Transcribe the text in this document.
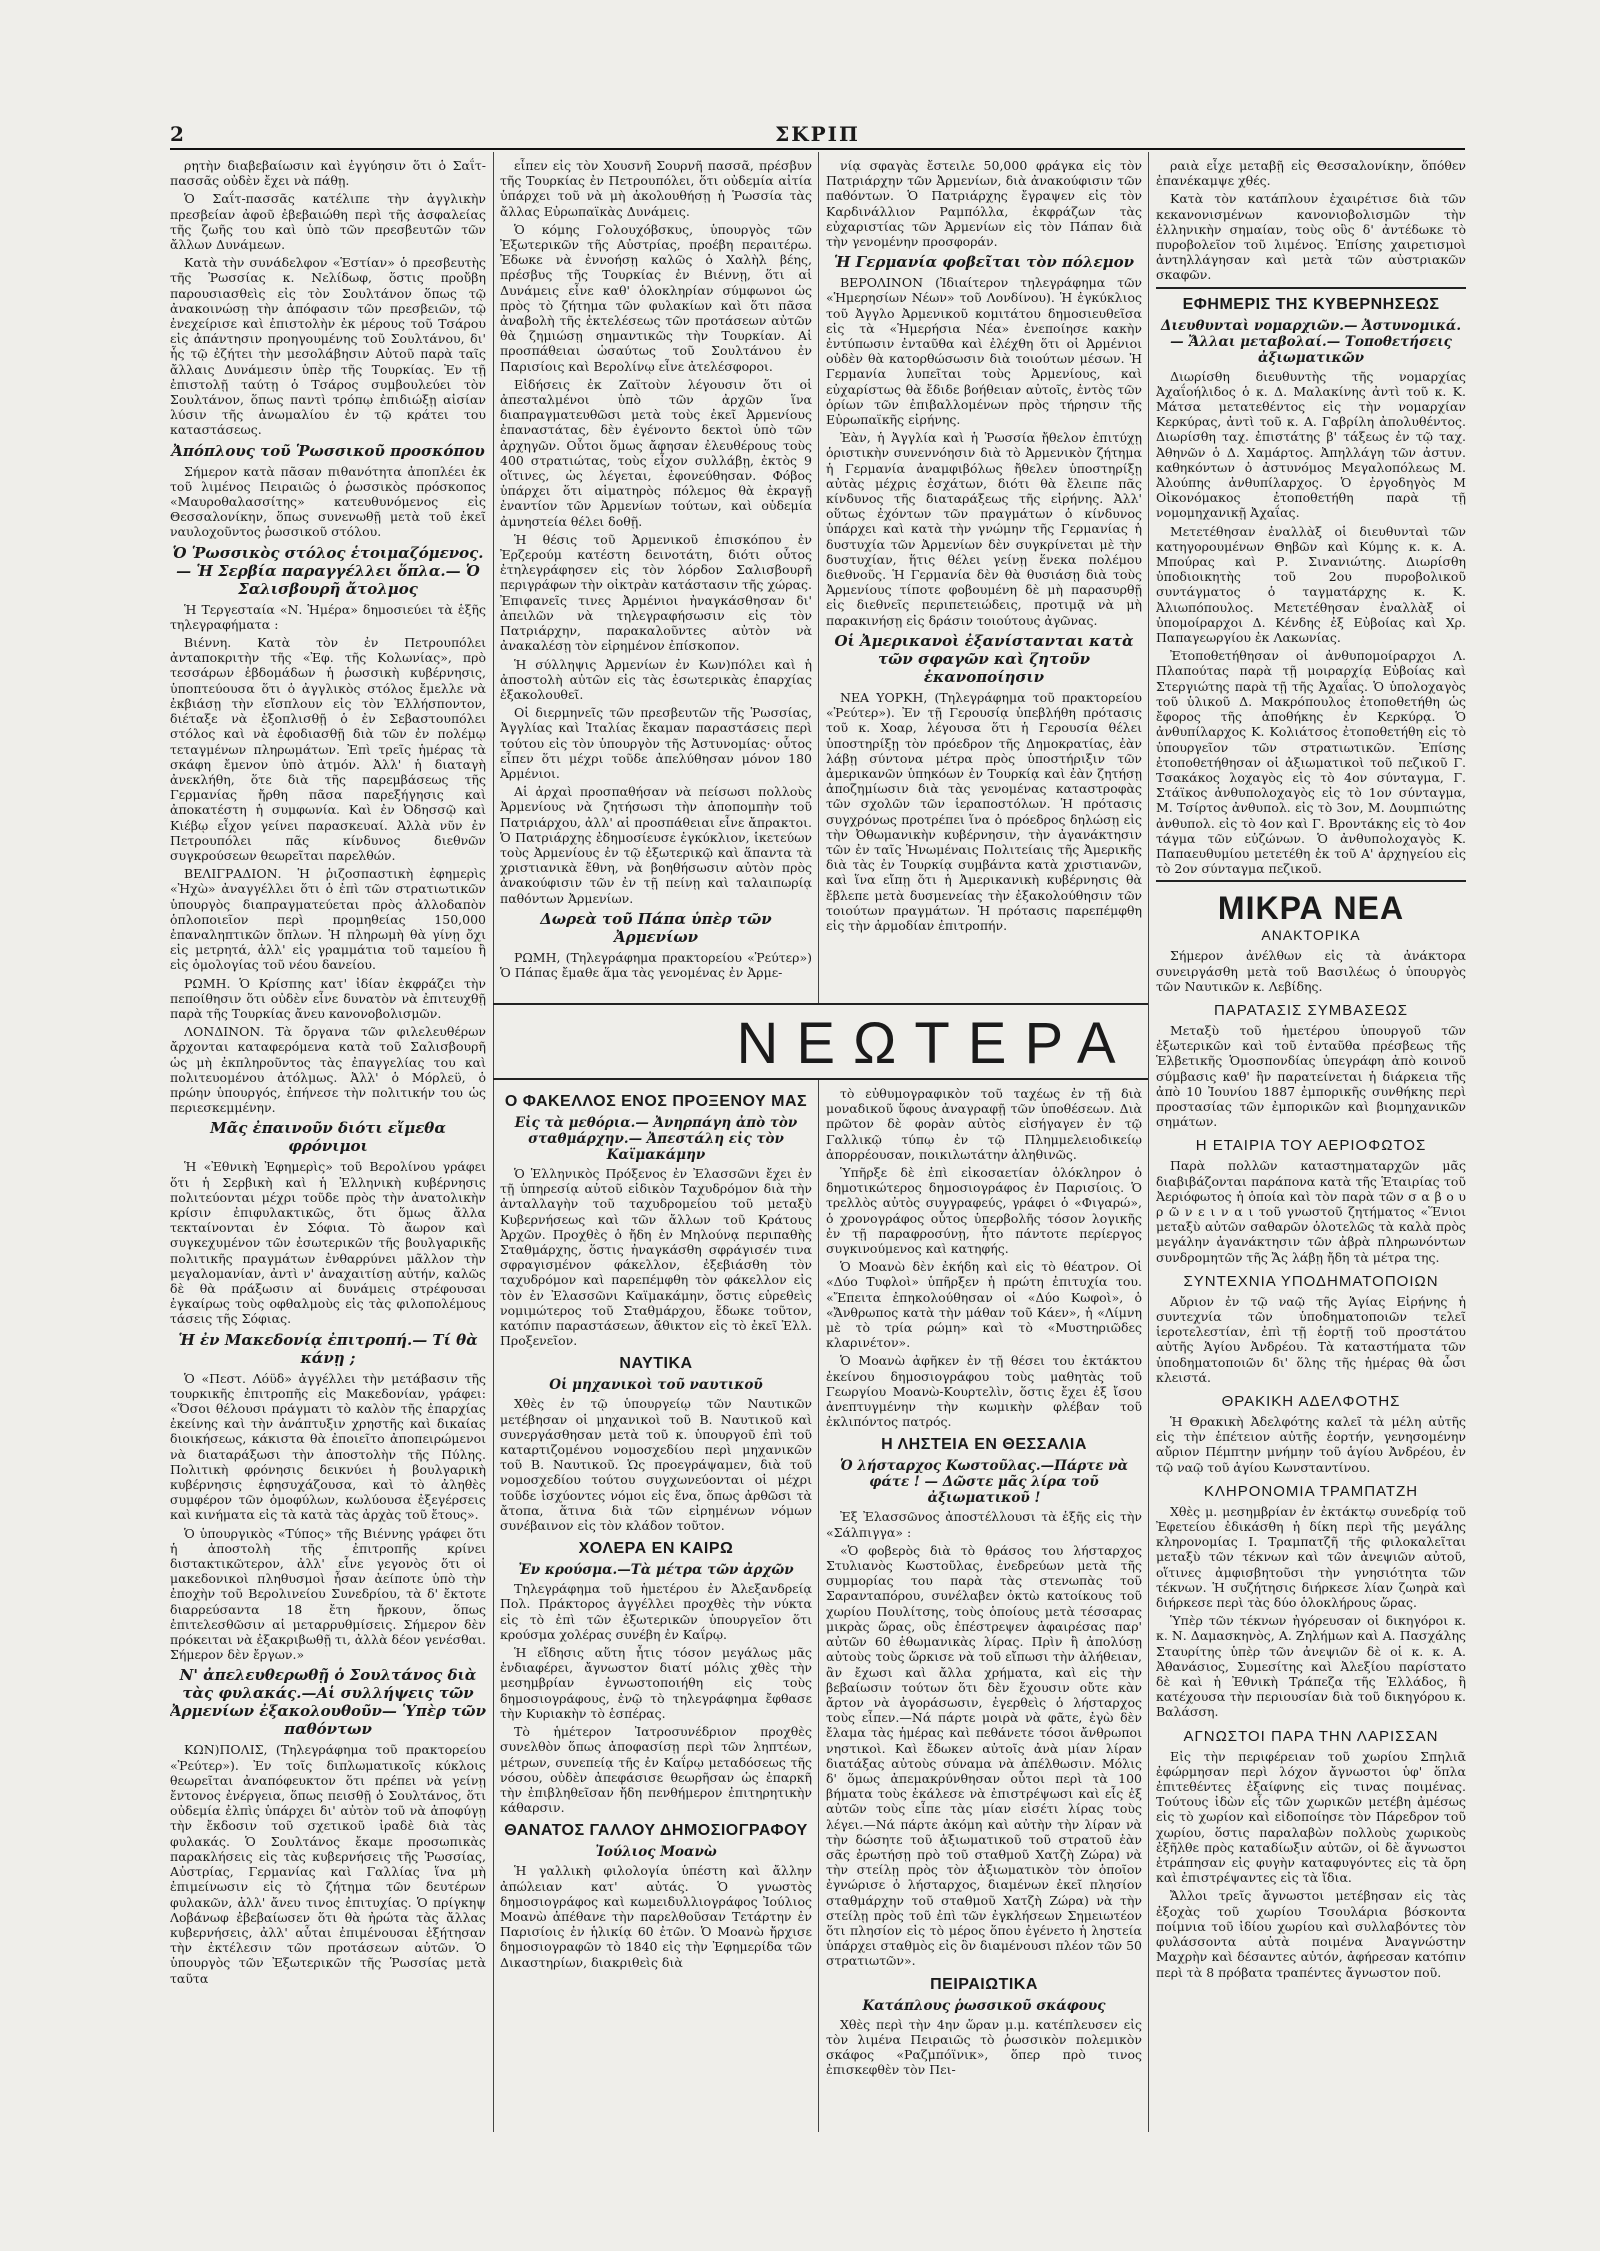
2	ΣΚΡΙΠ

ρητὴν διαβεβαίωσιν καὶ ἐγγύησιν ὅτι ὁ Σαΐτ-πασσᾶς οὐδὲν ἔχει νὰ πάθῃ.

Ὁ Σαΐτ-πασσᾶς κατέλιπε τὴν ἀγγλικὴν πρεσβείαν ἀφοῦ ἐβεβαιώθη περὶ τῆς ἀσφαλείας τῆς ζωῆς του καὶ ὑπὸ τῶν πρεσβευτῶν τῶν ἄλλων Δυνάμεων.

Κατὰ τὴν συνάδελφον «Ἑστίαν» ὁ πρεσβευτὴς τῆς Ῥωσσίας κ. Νελίδωφ, ὅστις προὔβη παρουσιασθεὶς εἰς τὸν Σουλτάνον ὅπως τῷ ἀνακοινώσῃ τὴν ἀπόφασιν τῶν πρεσβειῶν, τῷ ἐνεχείρισε καὶ ἐπιστολὴν ἐκ μέρους τοῦ Τσάρου εἰς ἀπάντησιν προηγουμένης τοῦ Σουλτάνου, δι' ἧς τῷ ἐζήτει τὴν μεσολάβησιν Αὐτοῦ παρὰ ταῖς ἄλλαις Δυνάμεσιν ὑπὲρ τῆς Τουρκίας. Ἐν τῇ ἐπιστολῇ ταύτῃ ὁ Τσάρος συμβουλεύει τὸν Σουλτάνον, ὅπως παντὶ τρόπῳ ἐπιδιώξῃ αἰσίαν λύσιν τῆς ἀνωμαλίου ἐν τῷ κράτει του καταστάσεως.

Ἀπόπλους τοῦ Ῥωσσικοῦ προσκόπου

Σήμερον κατὰ πᾶσαν πιθανότητα ἀποπλέει ἐκ τοῦ λιμένος Πειραιῶς ὁ ῥωσσικὸς πρόσκοπος «Μαυροθαλασσίτης» κατευθυνόμενος εἰς Θεσσαλονίκην, ὅπως συνενωθῇ μετὰ τοῦ ἐκεῖ ναυλοχοῦντος ῥωσσικοῦ στόλου.

Ὁ Ῥωσσικὸς στόλος ἑτοιμαζόμενος.— Ἡ Σερβία παραγγέλλει ὅπλα.— Ὁ Σαλισβουρῆ ἄτολμος

Ἡ Τεργεσταία «Ν. Ἡμέρα» δημοσιεύει τὰ ἑξῆς τηλεγραφήματα :

Βιέννη. Κατὰ τὸν ἐν Πετρουπόλει ἀνταποκριτὴν τῆς «Ἐφ. τῆς Κολωνίας», πρὸ τεσσάρων ἑβδομάδων ἡ ῥωσσικὴ κυβέρνησις, ὑποπτεύουσα ὅτι ὁ ἀγγλικὸς στόλος ἔμελλε νὰ ἐκβιάσῃ τὴν εἴσπλουν εἰς τὸν Ἑλλήσποντον, διέταξε νὰ ἐξοπλισθῇ ὁ ἐν Σεβαστουπόλει στόλος καὶ νὰ ἐφοδιασθῇ διὰ τῶν ἐν πολέμῳ τεταγμένων πληρωμάτων. Ἐπὶ τρεῖς ἡμέρας τὰ σκάφη ἔμενον ὑπὸ ἀτμόν. Ἀλλ' ἡ διαταγὴ ἀνεκλήθη, ὅτε διὰ τῆς παρεμβάσεως τῆς Γερμανίας ἤρθη πᾶσα παρεξήγησις καὶ ἀποκατέστη ἡ συμφωνία. Καὶ ἐν Ὀδησσῷ καὶ Κιέβῳ εἶχον γείνει παρασκευαί. Ἀλλὰ νῦν ἐν Πετρουπόλει πᾶς κίνδυνος διεθνῶν συγκρούσεων θεωρεῖται παρελθών.

ΒΕΛΙΓΡΑΔΙΟΝ. Ἡ ῥιζοσπαστικὴ ἐφημερὶς «Ἠχὼ» ἀναγγέλλει ὅτι ὁ ἐπὶ τῶν στρατιωτικῶν ὑπουργὸς διαπραγματεύεται πρὸς ἀλλοδαπὸν ὁπλοποιεῖον περὶ προμηθείας 150,000 ἐπαναληπτικῶν ὅπλων. Ἡ πληρωμὴ θὰ γίνῃ ὄχι εἰς μετρητά, ἀλλ' εἰς γραμμάτια τοῦ ταμείου ἢ εἰς ὁμολογίας τοῦ νέου δανείου.

ΡΩΜΗ. Ὁ Κρίσπης κατ' ἰδίαν ἐκφράζει τὴν πεποίθησιν ὅτι οὐδὲν εἶνε δυνατὸν νὰ ἐπιτευχθῇ παρὰ τῆς Τουρκίας ἄνευ κανονοβολισμῶν.

ΛΟΝΔΙΝΟΝ. Τὰ ὄργανα τῶν φιλελευθέρων ἄρχονται καταφερόμενα κατὰ τοῦ Σαλισβουρῆ ὡς μὴ ἐκπληροῦντος τὰς ἐπαγγελίας του καὶ πολιτευομένου ἀτόλμως. Ἀλλ' ὁ Μόρλεϋ, ὁ πρώην ὑπουργός, ἐπήνεσε τὴν πολιτικήν του ὡς περιεσκεμμένην.

Μᾶς ἐπαινοῦν διότι εἴμεθα φρόνιμοι

Ἡ «Ἐθνικὴ Ἐφημερὶς» τοῦ Βερολίνου γράφει ὅτι ἡ Σερβικὴ καὶ ἡ Ἑλληνικὴ κυβέρνησις πολιτεύονται μέχρι τοῦδε πρὸς τὴν ἀνατολικὴν κρίσιν ἐπιφυλακτικῶς, ὅτι ὅμως ἄλλα τεκταίνονται ἐν Σόφια. Τὸ ἄωρον καὶ συγκεχυμένον τῶν ἐσωτερικῶν τῆς βουλγαρικῆς πολιτικῆς πραγμάτων ἐνθαρρύνει μᾶλλον τὴν μεγαλομανίαν, ἀντὶ ν' ἀναχαιτίσῃ αὐτήν, καλῶς δὲ θὰ πράξωσιν αἱ δυνάμεις στρέφουσαι ἐγκαίρως τοὺς οφθαλμοὺς εἰς τὰς φιλοπολέμους τάσεις τῆς Σόφιας.

Ἡ ἐν Μακεδονίᾳ ἐπιτροπή.— Τί θὰ κάνῃ ;

Ὁ «Πεστ. Λόϋδ» ἀγγέλλει τὴν μετάβασιν τῆς τουρκικῆς ἐπιτροπῆς εἰς Μακεδονίαν, γράφει: «Ὅσοι θέλουσι πράγματι τὸ καλὸν τῆς ἐπαρχίας ἐκείνης καὶ τὴν ἀνάπτυξιν χρηστῆς καὶ δικαίας διοικήσεως, κάκιστα θὰ ἐποιεῖτο ἀποπειρώμενοι νὰ διαταράξωσι τὴν ἀποστολὴν τῆς Πύλης. Πολιτικὴ φρόνησις δεικνύει ἡ βουλγαρικὴ κυβέρνησις ἐφησυχάζουσα, καὶ τὸ ἀληθὲς συμφέρον τῶν ὁμοφύλων, κωλύουσα ἐξεγέρσεις καὶ κινήματα εἰς τὰ κατὰ τὰς ἀρχὰς τοῦ ἔτους».

Ὁ ὑπουργικὸς «Τύπος» τῆς Βιέννης γράφει ὅτι ἡ ἀποστολὴ τῆς ἐπιτροπῆς κρίνει διστακτικῶτερον, ἀλλ' εἶνε γεγονὸς ὅτι οἱ μακεδονικοὶ πληθυσμοὶ ἦσαν ἀείποτε ὑπὸ τὴν ἐποχὴν τοῦ Βερολινείου Συνεδρίου, τὰ δ' ἔκτοτε διαρρεύσαντα 18 ἔτη ἤρκουν, ὅπως ἐπιτελεσθῶσιν αἱ μεταρρυθμίσεις. Σήμερον δὲν πρόκειται νὰ ἐξακριβωθῇ τι, ἀλλὰ δέον γενέσθαι. Σήμερον δὲν ἔργων.»

Ν' ἀπελευθερωθῇ ὁ Σουλτάνος διὰ τὰς φυλακάς.—Αἱ συλλήψεις τῶν Ἀρμενίων ἐξακολουθοῦν— Ὑπὲρ τῶν παθόντων

ΚΩΝ)ΠΟΛΙΣ, (Τηλεγράφημα τοῦ πρακτορείου «Ῥεύτερ»). Ἐν τοῖς διπλωματικοῖς κύκλοις θεωρεῖται ἀναπόφευκτον ὅτι πρέπει νὰ γείνῃ ἔντονος ἐνέργεια, ὅπως πεισθῇ ὁ Σουλτάνος, ὅτι οὐδεμία ἐλπὶς ὑπάρχει δι' αὐτὸν τοῦ νὰ ἀποφύγῃ τὴν ἔκδοσιν τοῦ σχετικοῦ ἰραδὲ διὰ τὰς φυλακάς. Ὁ Σουλτάνος ἔκαμε προσωπικὰς παρακλήσεις εἰς τὰς κυβερνήσεις τῆς Ῥωσσίας, Αὐστρίας, Γερμανίας καὶ Γαλλίας ἵνα μὴ ἐπιμείνωσιν εἰς τὸ ζήτημα τῶν δευτέρων φυλακῶν, ἀλλ' ἄνευ τινος ἐπιτυχίας. Ὁ πρίγκηψ Λοβάνωφ ἐβεβαίωσεν ὅτι θὰ ἠρώτα τὰς ἄλλας κυβερνήσεις, ἀλλ' αὗται ἐπιμένουσαι ἐξήτησαν τὴν ἐκτέλεσιν τῶν προτάσεων αὐτῶν. Ὁ ὑπουργὸς τῶν Ἐξωτερικῶν τῆς Ῥωσσίας μετὰ ταῦτα

εἶπεν εἰς τὸν Χουσνῆ Σουρνῆ πασσᾶ, πρέσβυν τῆς Τουρκίας ἐν Πετρουπόλει, ὅτι οὐδεμία αἰτία ὑπάρχει τοῦ νὰ μὴ ἀκολουθήσῃ ἡ Ῥωσσία τὰς ἄλλας Εὐρωπαϊκὰς Δυνάμεις.

Ὁ κόμης Γολουχόβσκυς, ὑπουργὸς τῶν Ἐξωτερικῶν τῆς Αὐστρίας, προέβη περαιτέρω. Ἐδωκε νὰ ἐννοήσῃ καλῶς ὁ Χαλὴλ βέης, πρέσβυς τῆς Τουρκίας ἐν Βιέννῃ, ὅτι αἱ Δυνάμεις εἶνε καθ' ὁλοκληρίαν σύμφωνοι ὡς πρὸς τὸ ζήτημα τῶν φυλακίων καὶ ὅτι πᾶσα ἀναβολὴ τῆς ἐκτελέσεως τῶν προτάσεων αὐτῶν θὰ ζημιώσῃ σημαντικῶς τὴν Τουρκίαν. Αἱ προσπάθειαι ὡσαύτως τοῦ Σουλτάνου ἐν Παρισίοις καὶ Βερολίνῳ εἶνε ἀτελέσφοροι.

Εἰδήσεις ἐκ Ζαϊτοὺν λέγουσιν ὅτι οἱ ἀπεσταλμένοι ὑπὸ τῶν ἀρχῶν ἵνα διαπραγματευθῶσι μετὰ τοὺς ἐκεῖ Ἀρμενίους ἐπαναστάτας, δὲν ἐγένοντο δεκτοὶ ὑπὸ τῶν ἀρχηγῶν. Οὗτοι ὅμως ἄφησαν ἐλευθέρους τοὺς 400 στρατιώτας, τοὺς εἶχον συλλάβῃ, ἐκτὸς 9 οἵτινες, ὡς λέγεται, ἐφονεύθησαν. Φόβος ὑπάρχει ὅτι αἱματηρὸς πόλεμος θὰ ἐκραγῇ ἐναντίον τῶν Ἀρμενίων τούτων, καὶ οὐδεμία ἀμνηστεία θέλει δοθῇ.

Ἡ θέσις τοῦ Ἀρμενικοῦ ἐπισκόπου ἐν Ἐρζερούμ κατέστη δεινοτάτη, διότι οὗτος ἐτηλεγράφησεν εἰς τὸν λόρδον Σαλισβουρῆ περιγράφων τὴν οἰκτρὰν κατάστασιν τῆς χώρας. Ἐπιφανεῖς τινες Ἀρμένιοι ἠναγκάσθησαν δι' ἀπειλῶν νὰ τηλεγραφήσωσιν εἰς τὸν Πατριάρχην, παρακαλοῦντες αὐτὸν νὰ ἀνακαλέσῃ τὸν εἰρημένον ἐπίσκοπον.

Ἡ σύλληψις Ἀρμενίων ἐν Κων)πόλει καὶ ἡ ἀποστολὴ αὐτῶν εἰς τὰς ἐσωτερικὰς ἐπαρχίας ἐξακολουθεῖ.

Οἱ διερμηνεῖς τῶν πρεσβευτῶν τῆς Ῥωσσίας, Ἀγγλίας καὶ Ἰταλίας ἔκαμαν παραστάσεις περὶ τούτου εἰς τὸν ὑπουργὸν τῆς Ἀστυνομίας· οὗτος εἶπεν ὅτι μέχρι τοῦδε ἀπελύθησαν μόνον 180 Ἀρμένιοι.

Αἱ ἀρχαὶ προσπαθήσαν νὰ πείσωσι πολλοὺς Ἀρμενίους νὰ ζητήσωσι τὴν ἀποπομπὴν τοῦ Πατριάρχου, ἀλλ' αἱ προσπάθειαι εἶνε ἄπρακτοι. Ὁ Πατριάρχης ἐδημοσίευσε ἐγκύκλιον, ἱκετεύων τοὺς Ἀρμενίους ἐν τῷ ἐξωτερικῷ καὶ ἅπαντα τὰ χριστιανικὰ ἔθνη, νὰ βοηθήσωσιν αὐτὸν πρὸς ἀνακούφισιν τῶν ἐν τῇ πείνῃ καὶ ταλαιπωρίᾳ παθόντων Ἀρμενίων.

Δωρεὰ τοῦ Πάπα ὑπὲρ τῶν Ἀρμενίων

ΡΩΜΗ, (Τηλεγράφημα πρακτορείου «Ῥεύτερ») Ὁ Πάπας ἔμαθε ἅμα τὰς γενομένας ἐν Ἀρμε-

νίᾳ σφαγὰς ἔστειλε 50,000 φράγκα εἰς τὸν Πατριάρχην τῶν Ἀρμενίων, διὰ ἀνακούφισιν τῶν παθόντων. Ὁ Πατριάρχης ἔγραψεν εἰς τὸν Καρδινάλλιον Ραμπόλλα, ἐκφράζων τὰς εὐχαριστίας τῶν Ἀρμενίων εἰς τὸν Πάπαν διὰ τὴν γενομένην προσφοράν.

Ἡ Γερμανία φοβεῖται τὸν πόλεμον

ΒΕΡΟΛΙΝΟΝ (Ἰδιαίτερον τηλεγράφημα τῶν «Ἡμερησίων Νέων» τοῦ Λονδίνου). Ἡ ἐγκύκλιος τοῦ Ἀγγλο Ἀρμενικοῦ κομιτάτου δημοσιευθεῖσα εἰς τὰ «Ἡμερήσια Νέα» ἐνεποίησε κακὴν ἐντύπωσιν ἐνταῦθα καὶ ἐλέχθη ὅτι οἱ Ἀρμένιοι οὐδὲν θὰ κατορθώσωσιν διὰ τοιούτων μέσων. Ἡ Γερμανία λυπεῖται τοὺς Ἀρμενίους, καὶ εὐχαρίστως θὰ ἔδιδε βοήθειαν αὐτοῖς, ἐντὸς τῶν ὁρίων τῶν ἐπιβαλλομένων πρὸς τήρησιν τῆς Εὐρωπαϊκῆς εἰρήνης.

Ἐὰν, ἡ Ἀγγλία καὶ ἡ Ῥωσσία ἤθελον ἐπιτύχῃ ὁριστικὴν συνεννόησιν διὰ τὸ Ἀρμενικὸν ζήτημα ἡ Γερμανία ἀναμφιβόλως ἤθελεν ὑποστηρίξῃ αὐτὰς μέχρις ἐσχάτων, διότι θὰ ἔλειπε πᾶς κίνδυνος τῆς διαταράξεως τῆς εἰρήνης. Ἀλλ' οὕτως ἐχόντων τῶν πραγμάτων ὁ κίνδυνος ὑπάρχει καὶ κατὰ τὴν γνώμην τῆς Γερμανίας ἡ δυστυχία τῶν Ἀρμενίων δὲν συγκρίνεται μὲ τὴν δυστυχίαν, ἥτις θέλει γείνῃ ἕνεκα πολέμου διεθνοῦς. Ἡ Γερμανία δὲν θὰ θυσιάσῃ διὰ τοὺς Ἀρμενίους τίποτε φοβουμένη δὲ μὴ παρασυρθῇ εἰς διεθνεῖς περιπετειώδεις, προτιμᾷ νὰ μὴ παρακινήσῃ εἰς δράσιν τοιούτους ἀγῶνας.

Οἱ Ἀμερικανοὶ ἐξανίστανται κατὰ τῶν σφαγῶν καὶ ζητοῦν ἐκανοποίησιν

ΝΕΑ ΥΟΡΚΗ, (Τηλεγράφημα τοῦ πρακτορείου «Ῥεύτερ»). Ἐν τῇ Γερουσίᾳ ὑπεβλήθη πρότασις τοῦ κ. Χοαρ, λέγουσα ὅτι ἡ Γερουσία θέλει ὑποστηρίξῃ τὸν πρόεδρον τῆς Δημοκρατίας, ἐὰν λάβῃ σύντονα μέτρα πρὸς ὑποστήριξιν τῶν ἀμερικανῶν ὑπηκόων ἐν Τουρκίᾳ καὶ ἐὰν ζητήσῃ ἀποζημίωσιν διὰ τὰς γενομένας καταστροφὰς τῶν σχολῶν τῶν ἱεραποστόλων. Ἡ πρότασις συγχρόνως προτρέπει ἵνα ὁ πρόεδρος δηλώσῃ εἰς τὴν Ὀθωμανικὴν κυβέρνησιν, τὴν ἀγανάκτησιν τῶν ἐν ταῖς Ἡνωμέναις Πολιτείαις τῆς Ἀμερικῆς διὰ τὰς ἐν Τουρκίᾳ συμβάντα κατὰ χριστιανῶν, καὶ ἵνα εἴπῃ ὅτι ἡ Ἀμερικανικὴ κυβέρνησις θὰ ἔβλεπε μετὰ δυσμενείας τὴν ἐξακολούθησιν τῶν τοιούτων πραγμάτων. Ἡ πρότασις παρεπέμφθη εἰς τὴν ἁρμοδίαν ἐπιτροπήν.

ραιὰ εἶχε μεταβῇ εἰς Θεσσαλονίκην, ὅπόθεν ἐπανέκαμψε χθές.

Κατὰ τὸν κατάπλουν ἐχαιρέτισε διὰ τῶν κεκανονισμένων κανονιοβολισμῶν τὴν ἑλληνικὴν σημαίαν, τοὺς οὓς δ' ἀντέδωκε τὸ πυροβολεῖον τοῦ λιμένος. Ἐπίσης χαιρετισμοὶ ἀντηλλάγησαν καὶ μετὰ τῶν αὐστριακῶν σκαφῶν.

ΕΦΗΜΕΡΙΣ ΤΗΣ ΚΥΒΕΡΝΗΣΕΩΣ
Διευθυνταὶ νομαρχιῶν.— Ἀστυνομικά.— Ἄλλαι μεταβολαί.— Τοποθετήσεις ἀξιωματικῶν

Διωρίσθη διευθυντὴς τῆς νομαρχίας Ἀχαΐοήλιδος ὁ κ. Δ. Μαλακίνης ἀντὶ τοῦ κ. Κ. Μάτσα μετατεθέντος εἰς τὴν νομαρχίαν Κερκύρας, ἀντὶ τοῦ κ. Α. Γαβρίλη ἀπολυθέντος. Διωρίσθη ταχ. ἐπιστάτης β' τάξεως ἐν τῷ ταχ. Ἀθηνῶν ὁ Δ. Χαμάρτος. Ἀπηλλάγη τῶν ἀστυν. καθηκόντων ὁ ἀστυνόμος Μεγαλοπόλεως Μ. Ἀλούπης ἀνθυπίλαρχος. Ὁ ἐργοδηγὸς Μ Οἰκονόμακος ἐτοποθετήθη παρὰ τῇ νομομηχανικῇ Ἀχαΐας.

Μετετέθησαν ἐναλλὰξ οἱ διευθυνταὶ τῶν κατηγορουμένων Θηβῶν καὶ Κύμης κ. κ. Α. Μπούρας καὶ Ρ. Σινανιώτης. Διωρίσθη ὑποδιοικητὴς τοῦ 2ου πυροβολικοῦ συντάγματος ὁ ταγματάρχης κ. Κ. Ἀλιωπόπουλος. Μετετέθησαν ἐναλλὰξ οἱ ὑπομοίραρχοι Δ. Κένδης ἐξ Εὐβοίας καὶ Χρ. Παπαγεωργίου ἐκ Λακωνίας.

Ἐτοποθετήθησαν οἱ ἀνθυπομοίραρχοι Λ. Πλαπούτας παρὰ τῇ μοιραρχίᾳ Εὐβοίας καὶ Στεργιώτης παρὰ τῇ τῆς Ἀχαΐας. Ὁ ὑπολοχαγὸς τοῦ ὑλικοῦ Δ. Μακρόπουλος ἐτοποθετήθη ὡς ἔφορος τῆς ἀποθήκης ἐν Κερκύρᾳ. Ὁ ἀνθυπίλαρχος Κ. Κολιάτσος ἐτοποθετήθη εἰς τὸ ὑπουργεῖον τῶν στρατιωτικῶν. Ἐπίσης ἐτοποθετήθησαν οἱ ἀξιωματικοὶ τοῦ πεζικοῦ Γ. Τσακάκος λοχαγὸς εἰς τὸ 4ον σύνταγμα, Γ. Στάϊκος ἀνθυπολοχαγὸς εἰς τὸ 1ον σύνταγμα, Μ. Τσίρτος ἀνθυπολ. εἰς τὸ 3ον, Μ. Δουμπιώτης ἀνθυπολ. εἰς τὸ 4ον καὶ Γ. Βροντάκης εἰς τὸ 4ον τάγμα τῶν εὐζώνων. Ὁ ἀνθυπολοχαγὸς Κ. Παπαευθυμίου μετετέθη ἐκ τοῦ Α' ἀρχηγείου εἰς τὸ 2ον σύνταγμα πεζικοῦ.

ΜΙΚΡΑ ΝΕΑ
ΑΝΑΚΤΟΡΙΚΑ

Σήμερον ἀνέλθων εἰς τὰ ἀνάκτορα συνειργάσθη μετὰ τοῦ Βασιλέως ὁ ὑπουργὸς τῶν Ναυτικῶν κ. Λεβίδης.

ΠΑΡΑΤΑΣΙΣ ΣΥΜΒΑΣΕΩΣ

Μεταξὺ τοῦ ἡμετέρου ὑπουργοῦ τῶν ἐξωτερικῶν καὶ τοῦ ἐνταῦθα πρέσβεως τῆς Ἑλβετικῆς Ὁμοσπονδίας ὑπεγράφη ἀπὸ κοινοῦ σύμβασις καθ' ἣν παρατείνεται ἡ διάρκεια τῆς ἀπὸ 10 Ἰουνίου 1887 ἐμπορικῆς συνθήκης περὶ προστασίας τῶν ἐμπορικῶν καὶ βιομηχανικῶν σημάτων.

Η ΕΤΑΙΡΙΑ ΤΟΥ ΑΕΡΙΟΦΩΤΟΣ

Παρὰ πολλῶν καταστηματαρχῶν μᾶς διαβιβάζονται παράπονα κατὰ τῆς Ἑταιρίας τοῦ Ἀεριόφωτος ἡ ὁποία καὶ τὸν παρὰ τῶν σ α β ο υ ρ ῶ ν ε ι ν α ι τοῦ γνωστοῦ ζητήματος «Ἕνιοι μεταξὺ αὐτῶν σαθαρῶν ὁλοτελῶς τὰ καλὰ πρὸς μεγάλην ἀγανάκτησιν τῶν ἀβρὰ πληρωνόντων συνδρομητῶν τῆς Ἄς λάβῃ ἤδη τὰ μέτρα της.

ΣΥΝΤΕΧΝΙΑ ΥΠΟΔΗΜΑΤΟΠΟΙΩΝ

Αὔριον ἐν τῷ ναῷ τῆς Ἁγίας Εἰρήνης ἡ συντεχνία τῶν ὑποδηματοποιῶν τελεῖ ἱεροτελεστίαν, ἐπὶ τῇ ἑορτῇ τοῦ προστάτου αὐτῆς Ἁγίου Ἀνδρέου. Τὰ καταστήματα τῶν ὑποδηματοποιῶν δι' ὅλης τῆς ἡμέρας θὰ ὦσι κλειστά.

ΘΡΑΚΙΚΗ ΑΔΕΛΦΟΤΗΣ

Ἡ Θρακικὴ Ἀδελφότης καλεῖ τὰ μέλη αὐτῆς εἰς τὴν ἑπέτειον αὐτῆς ἑορτήν, γενησομένην αὔριον Πέμπτην μνήμην τοῦ ἁγίου Ἀνδρέου, ἐν τῷ ναῷ τοῦ ἁγίου Κωνσταντίνου.

ΚΛΗΡΟΝΟΜΙΑ ΤΡΑΜΠΑΤΖΗ

Χθὲς μ. μεσημβρίαν ἐν ἐκτάκτῳ συνεδρίᾳ τοῦ Ἐφετείου ἐδικάσθη ἡ δίκη περὶ τῆς μεγάλης κληρονομίας Ι. Τραμπατζῆ τῆς φιλοκαλεῖται μεταξὺ τῶν τέκνων καὶ τῶν ἀνεψιῶν αὐτοῦ, οἵτινες ἀμφισβητοῦσι τὴν γνησιότητα τῶν τέκνων. Ἡ συζήτησις διήρκεσε λίαν ζωηρὰ καὶ διήρκεσε περὶ τὰς δύο ὁλοκλήρους ὥρας.

Ὑπὲρ τῶν τέκνων ἠγόρευσαν οἱ δικηγόροι κ. κ. Ν. Δαμασκηνὸς, Α. Ζηλήμων καὶ Α. Πασχάλης Σταυρίτης ὑπὲρ τῶν ἀνεψιῶν δὲ οἱ κ. κ. Α. Ἀθανάσιος, Συμεσίτης καὶ Ἀλεξίου παρίστατο δὲ καὶ ἡ Ἐθνικὴ Τράπεζα τῆς Ἑλλάδος, ἣ κατέχουσα τὴν περιουσίαν διὰ τοῦ δικηγόρου κ. Βαλάσση.

ΑΓΝΩΣΤΟΙ ΠΑΡΑ ΤΗΝ ΛΑΡΙΣΣΑΝ

Εἰς τὴν περιφέρειαν τοῦ χωρίου Σπηλιᾶ ἐφώρμησαν περὶ λόχον ἄγνωστοι ὑφ' ὅπλα ἐπιτεθέντες ἐξαίφνης εἰς τινας ποιμένας. Τούτους ἰδὼν εἷς τῶν χωρικῶν μετέβη ἀμέσως εἰς τὸ χωρίον καὶ εἰδοποίησε τὸν Πάρεδρον τοῦ χωρίου, ὅστις παραλαβὼν πολλοὺς χωρικοὺς ἐξῆλθε πρὸς καταδίωξιν αὐτῶν, οἱ δὲ ἄγνωστοι ἐτράπησαν εἰς φυγὴν καταφυγόντες εἰς τὰ ὄρη καὶ ἐπιστρέψαντες εἰς τὰ ἴδια.

Ἄλλοι τρεῖς ἄγνωστοι μετέβησαν εἰς τὰς ἐξοχὰς τοῦ χωρίου Τσουλάρια βόσκοντα ποίμνια τοῦ ἰδίου χωρίου καὶ συλλαβόντες τὸν φυλάσσοντα αὐτὰ ποιμένα Ἀναγνώστην Μαχρὴν καὶ δέσαντες αὐτόν, ἀφήρεσαν κατόπιν περὶ τὰ 8 πρόβατα τραπέντες ἄγνωστον ποῦ.

ΝΕΩΤΕΡΑ
Ο ΦΑΚΕΛΛΟΣ ΕΝΟΣ ΠΡΟΞΕΝΟΥ ΜΑΣ
Εἰς τὰ μεθόρια.— Ἀνηρπάγη ἀπὸ τὸν σταθμάρχην.— Ἀπεστάλη εἰς τὸν Καϊμακάμην

Ὁ Ἑλληνικὸς Πρόξενος ἐν Ἐλασσῶνι ἔχει ἐν τῇ ὑπηρεσίᾳ αὐτοῦ εἰδικὸν Ταχυδρόμον διὰ τὴν ἀνταλλαγὴν τοῦ ταχυδρομείου τοῦ μεταξὺ Κυβερνήσεως καὶ τῶν ἄλλων τοῦ Κράτους Ἀρχῶν. Προχθὲς ὁ ἤδη ἐν Μηλούνᾳ περιπαθὴς Σταθμάρχης, ὅστις ἠναγκάσθη σφράγισέν τινα σφραγισμένον φάκελλον, ἐξεβιάσθη τὸν ταχυδρόμον καὶ παρεπέμφθη τὸν φάκελλον εἰς τὸν ἐν Ἐλασσῶνι Καϊμακάμην, ὅστις εὑρεθεὶς νομιμώτερος τοῦ Σταθμάρχου, ἔδωκε τοῦτον, κατόπιν παραστάσεων, ἄθικτον εἰς τὸ ἐκεῖ Ἑλλ. Προξενεῖον.

ΝΑΥΤΙΚΑ
Οἱ μηχανικοὶ τοῦ ναυτικοῦ

Χθὲς ἐν τῷ ὑπουργείῳ τῶν Ναυτικῶν μετέβησαν οἱ μηχανικοὶ τοῦ Β. Ναυτικοῦ καὶ συνεργάσθησαν μετὰ τοῦ κ. ὑπουργοῦ ἐπὶ τοῦ καταρτιζομένου νομοσχεδίου περὶ μηχανικῶν τοῦ Β. Ναυτικοῦ. Ὡς προεγράψαμεν, διὰ τοῦ νομοσχεδίου τούτου συγχωνεύονται οἱ μέχρι τοῦδε ἰσχύοντες νόμοι εἰς ἕνα, ὅπως ἀρθῶσι τὰ ἄτοπα, ἅτινα διὰ τῶν εἰρημένων νόμων συνέβαινον εἰς τὸν κλάδον τοῦτον.

ΧΟΛΕΡΑ ΕΝ ΚΑΙΡΩ
Ἐν κρούσμα.—Τὰ μέτρα τῶν ἀρχῶν

Τηλεγράφημα τοῦ ἡμετέρου ἐν Ἀλεξανδρείᾳ Πολ. Πράκτορος ἀγγέλλει προχθὲς τὴν νύκτα εἰς τὸ ἐπὶ τῶν ἐξωτερικῶν ὑπουργεῖον ὅτι κρούσμα χολέρας συνέβη ἐν Καΐρῳ.

Ἡ εἴδησις αὕτη ἦτις τόσον μεγάλως μᾶς ἐνδιαφέρει, ἄγνωστον διατί μόλις χθὲς τὴν μεσημβρίαν ἐγνωστοποιήθη εἰς τοὺς δημοσιογράφους, ἐνῷ τὸ τηλεγράφημα ἔφθασε τὴν Κυριακὴν τὸ ἑσπέρας.

Τὸ ἡμέτερον Ἰατροσυνέδριον προχθὲς συνελθὸν ὅπως ἀποφασίσῃ περὶ τῶν ληπτέων, μέτρων, συνεπείᾳ τῆς ἐν Καΐρῳ μεταδόσεως τῆς νόσου, οὐδὲν ἀπεφάσισε θεωρῆσαν ὡς ἐπαρκῆ τὴν ἐπιβληθεῖσαν ἤδη πενθήμερον ἐπιτηρητικὴν κάθαρσιν.

ΘΑΝΑΤΟΣ ΓΑΛΛΟΥ ΔΗΜΟΣΙΟΓΡΑΦΟΥ
Ἰούλιος Μοανὼ

Ἡ γαλλικὴ φιλολογία ὑπέστη καὶ ἄλλην ἀπώλειαν κατ' αὐτάς. Ὁ γνωστὸς δημοσιογράφος καὶ κωμειδυλλιογράφος Ἰούλιος Μοανὼ ἀπέθανε τὴν παρελθοῦσαν Τετάρτην ἐν Παρισίοις ἐν ἡλικίᾳ 60 ἐτῶν. Ὁ Μοανὼ ἤρχισε δημοσιογραφῶν τὸ 1840 εἰς τὴν Ἐφημερίδα τῶν Δικαστηρίων, διακριθεὶς διὰ

τὸ εὐθυμογραφικὸν τοῦ ταχέως ἐν τῇ διὰ μοναδικοῦ ὕφους ἀναγραφῇ τῶν ὑποθέσεων. Διὰ πρῶτον δὲ φορὰν αὐτὸς εἰσήγαγεν ἐν τῷ Γαλλικῷ τύπῳ ἐν τῷ Πλημμελειοδικείῳ ἀπορρέουσαν, ποικιλωτάτην ἀληθινῶς.

Ὑπῆρξε δὲ ἐπὶ εἰκοσαετίαν ὁλόκληρον ὁ δημοτικώτερος δημοσιογράφος ἐν Παρισίοις. Ὁ τρελλὸς αὐτὸς συγγραφεύς, γράφει ὁ «Φιγαρώ», ὁ χρονογράφος οὗτος ὑπερβολῆς τόσον λογικῆς ἐν τῇ παραφροσύνῃ, ἦτο πάντοτε περίεργος συγκινούμενος καὶ κατηφής.

Ὁ Μοανὼ δὲν ἐκήδη καὶ εἰς τὸ θέατρον. Οἱ «Δύο Τυφλοὶ» ὑπῆρξεν ἡ πρώτη ἐπιτυχία του. «Ἔπειτα ἐπηκολούθησαν οἱ «Δύο Κωφοὶ», ὁ «Ἄνθρωπος κατὰ τὴν μάθαν τοῦ Κάεν», ἡ «Λίμνη μὲ τὸ τρία ρώμη» καὶ τὸ «Μυστηριῶδες κλαρινέτον».

Ὁ Μοανὼ ἀφῆκεν ἐν τῇ θέσει του ἐκτάκτου ἐκείνου δημοσιογράφου τοὺς μαθητὰς τοῦ Γεωργίου Μοανὼ-Κουρτελὶν, ὅστις ἔχει ἐξ ἴσου ἀνεπτυγμένην τὴν κωμικὴν φλέβαν τοῦ ἐκλιπόντος πατρός.

Η ΛΗΣΤΕΙΑ ΕΝ ΘΕΣΣΑΛΙΑ
Ὁ λήσταρχος Κωστοῦλας.—Πάρτε νὰ φάτε ! — Δῶστε μᾶς λίρα τοῦ ἀξιωματικοῦ !

Ἐξ Ἐλασσῶνος ἀποστέλλουσι τὰ ἑξῆς εἰς τὴν «Σάλπιγγα» :

«Ὁ φοβερὸς διὰ τὸ θράσος του λήσταρχος Στυλιανὸς Κωστοῦλας, ἐνεδρεύων μετὰ τῆς συμμορίας του παρὰ τὰς στενωπὰς τοῦ Σαρανταπόρου, συνέλαβεν ὀκτὼ κατοίκους τοῦ χωρίου Πουλίτσης, τοὺς ὁποίους μετὰ τέσσαρας μικρὰς ὥρας, οὓς ἐπέστρεψεν ἀφαιρέσας παρ' αὐτῶν 60 ἑθωμανικὰς λίρας. Πρὶν ἢ ἀπολύσῃ αὐτοὺς τοὺς ὥρκισε νὰ τοῦ εἴπωσι τὴν ἀλήθειαν, ἂν ἔχωσι καὶ ἄλλα χρήματα, καὶ εἰς τὴν βεβαίωσιν τούτων ὅτι δὲν ἔχουσιν οὔτε κὰν ἄρτον νὰ ἀγοράσωσιν, ἐγερθεὶς ὁ λήσταρχος τοὺς εἶπεν.—Νά πάρτε μοιρὰ νὰ φᾶτε, ἐγὼ δὲν ἔλαμα τὰς ἡμέρας καὶ πεθάνετε τόσοι ἄνθρωποι νηστικοὶ. Καὶ ἔδωκεν αὐτοῖς ἀνὰ μίαν λίραν διατάξας αὐτοὺς σύναμα νὰ ἀπέλθωσιν. Μόλις δ' ὅμως ἀπεμακρύνθησαν οὗτοι περὶ τὰ 100 βήματα τοὺς ἐκάλεσε νὰ ἐπιστρέψωσι καὶ εἷς ἐξ αὐτῶν τοὺς εἶπε τὰς μίαν εἰσέτι λίρας τοὺς λέγει.—Νά πάρτε ἀκόμη καὶ αὐτὴν τὴν λίραν νὰ τὴν δώσητε τοῦ ἀξιωματικοῦ τοῦ στρατοῦ ἐὰν σᾶς ἐρωτήσῃ πρὸ τοῦ σταθμοῦ Χατζὴ Ζώρα) νὰ τὴν στείλῃ πρὸς τὸν ἀξιωματικὸν τὸν ὁποῖον ἐγνώρισε ὁ λήσταρχος, διαμένων ἐκεῖ πλησίον σταθμάρχην τοῦ σταθμοῦ Χατζὴ Ζώρα) νὰ τὴν στείλῃ πρὸς τοῦ ἐπὶ τῶν ἐγκλήσεων Σημειωτέον ὅτι πλησίον εἰς τὸ μέρος ὅπου ἐγένετο ἡ ληστεία ὑπάρχει σταθμὸς εἰς ὃν διαμένουσι πλέον τῶν 50 στρατιωτῶν».

ΠΕΙΡΑΙΩΤΙΚΑ
Κατάπλους ῥωσσικοῦ σκάφους

Χθὲς περὶ τὴν 4ην ὥραν μ.μ. κατέπλευσεν εἰς τὸν λιμένα Πειραιῶς τὸ ῥωσσικὸν πολεμικὸν σκάφος «Ραζμπόϊνικ», ὅπερ πρὸ τινος ἐπισκεφθὲν τὸν Πει-
